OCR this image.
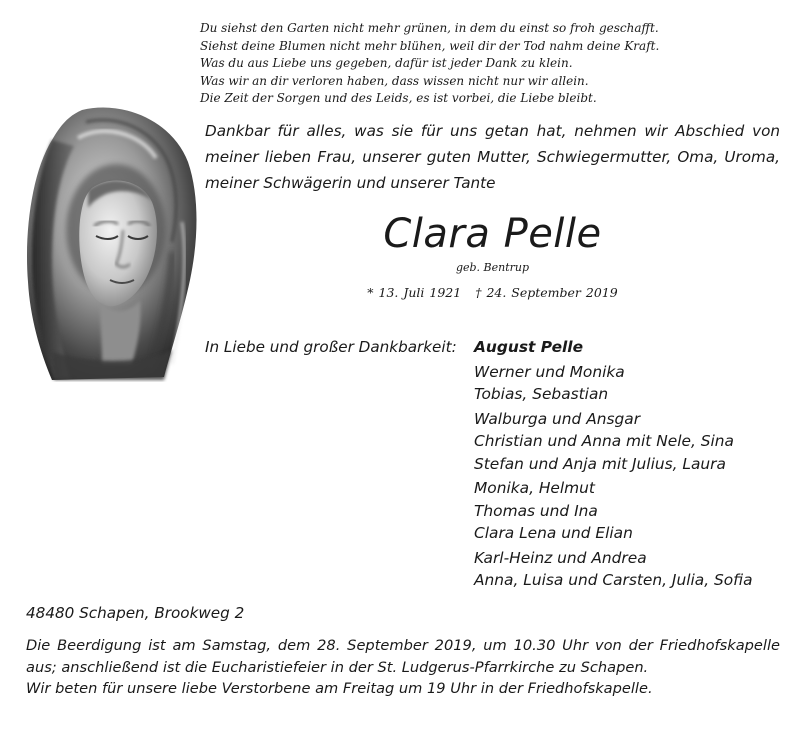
Du siehst den Garten nicht mehr grünen, in dem du einst so froh geschafft.
Siehst deine Blumen nicht mehr blühen, weil dir der Tod nahm deine Kraft.
Was du aus Liebe uns gegeben, dafür ist jeder Dank zu klein.
Was wir an dir verloren haben, dass wissen nicht nur wir allein.
Die Zeit der Sorgen und des Leids, es ist vorbei, die Liebe bleibt.
Dankbar für alles, was sie für uns getan hat, nehmen wir Abschied von meiner lieben Frau, unserer guten Mutter, Schwiegermutter, Oma, Uroma, meiner Schwägerin und unserer Tante
Clara Pelle
geb. Bentrup
* 13. Juli 1921 † 24. September 2019
In Liebe und großer Dankbarkeit: August Pelle
Werner und Monika
Tobias, Sebastian
Walburga und Ansgar
Christian und Anna mit Nele, Sina
Stefan und Anja mit Julius, Laura
Monika, Helmut
Thomas und Ina
Clara Lena und Elian
Karl-Heinz und Andrea
Anna, Luisa und Carsten, Julia, Sofia
48480 Schapen, Brookweg 2

Die Beerdigung ist am Samstag, dem 28. September 2019, um 10.30 Uhr von der Friedhofskapelle aus; anschließend ist die Eucharistiefeier in der St. Ludgerus-Pfarrkirche zu Schapen.

Wir beten für unsere liebe Verstorbene am Freitag um 19 Uhr in der Friedhofskapelle.
